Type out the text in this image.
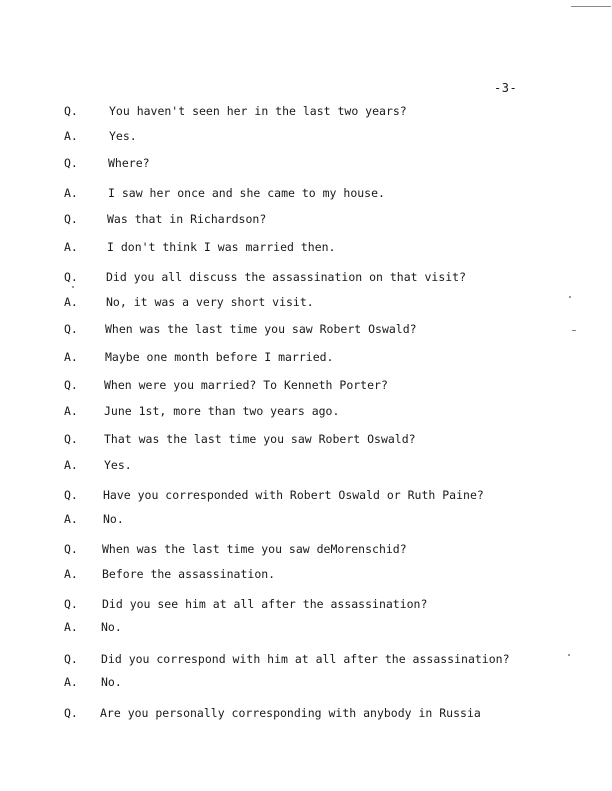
-3-
Q.	You haven't seen her in the last two years?
A.	Yes.
Q.	Where?
A.	I saw her once and she came to my house.
Q.	Was that in Richardson?
A.	I don't think I was married then.
Q. Did you all discuss the assassination on that visit?
A. No, it was a very short visit.
Q. When was the last time you saw Robert Oswald?
A. Maybe one month before I married.
Q. When were you married? To Kenneth Porter?
A. June 1st, more than two years ago.
Q. That was the last time you saw Robert Oswald?
A. Yes.
Q. Have you corresponded with Robert Oswald or Ruth Paine?
A. No.
Q. When was the last time you saw deMorenschid?
A. Before the assassination.
Q. Did you see him at all after the assassination?
A. No.
Q. Did you correspond with him at all after the assassination?
A. No.
Q. Are you personally corresponding with anybody in Russia
